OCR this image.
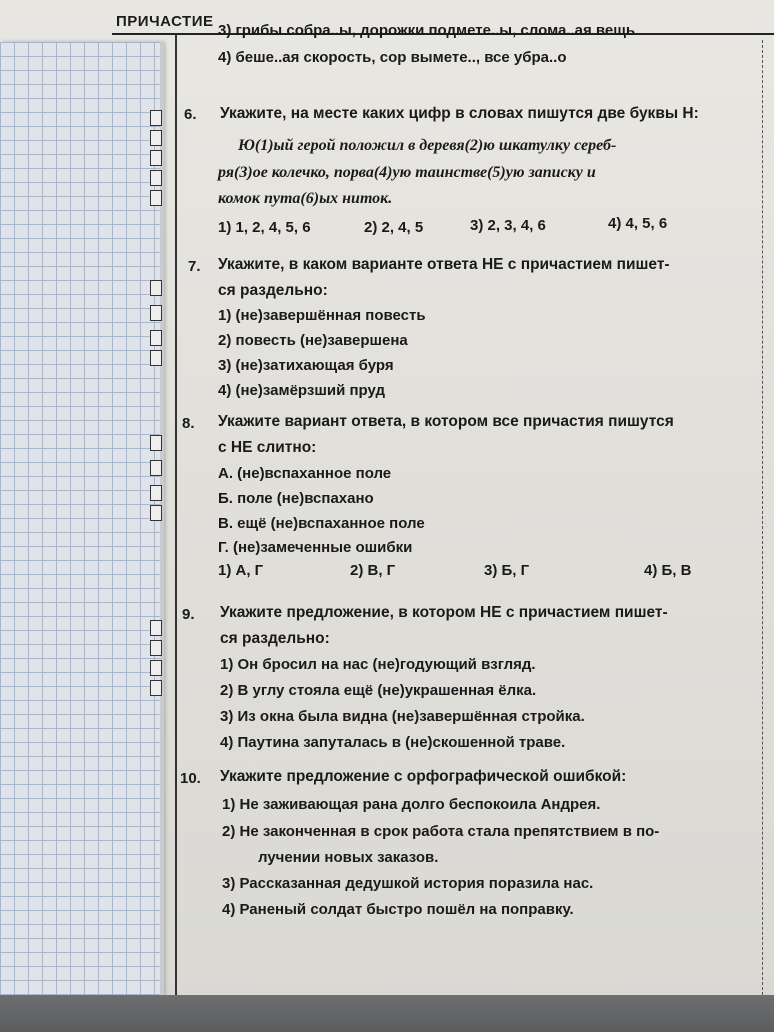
ПРИЧАСТИЕ
3) грибы собра..ы, дорожки подмете..ы, слома..ая вещь
4) беше..ая скорость, сор вымете.., все убра..о
6. Укажите, на месте каких цифр в словах пишутся две буквы Н:
Ю(1)ый герой положил в деревя(2)ю шкатулку сереб-
ря(3)ое колечко, порва(4)ую таинстве(5)ую записку и
комок пута(6)ых ниток.
1) 1, 2, 4, 5, 6	2) 2, 4, 5	3) 2, 3, 4, 6	4) 4, 5, 6
7. Укажите, в каком варианте ответа НЕ с причастием пишет-
ся раздельно:
1) (не)завершённая повесть
2) повесть (не)завершена
3) (не)затихающая буря
4) (не)замёрзший пруд
8. Укажите вариант ответа, в котором все причастия пишутся
с НЕ слитно:
А. (не)вспаханное поле
Б. поле (не)вспахано
В. ещё (не)вспаханное поле
Г. (не)замеченные ошибки
1) А, Г	2) В, Г	3) Б, Г	4) Б, В
9. Укажите предложение, в котором НЕ с причастием пишет-
ся раздельно:
1) Он бросил на нас (не)годующий взгляд.
2) В углу стояла ещё (не)украшенная ёлка.
3) Из окна была видна (не)завершённая стройка.
4) Паутина запуталась в (не)скошенной траве.
10. Укажите предложение с орфографической ошибкой:
1) Не заживающая рана долго беспокоила Андрея.
2) Не законченная в срок работа стала препятствием в по-
лучении новых заказов.
3) Рассказанная дедушкой история поразила нас.
4) Раненый солдат быстро пошёл на поправку.
